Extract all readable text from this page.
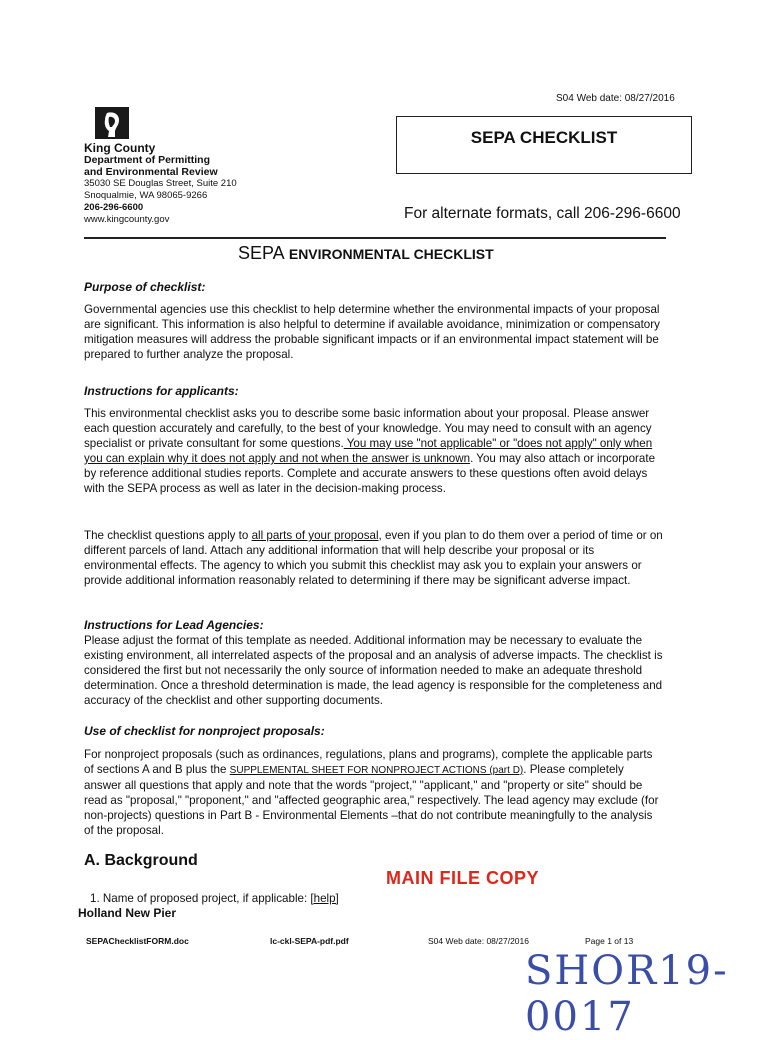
S04 Web date: 08/27/2016
King County
Department of Permitting
and Environmental Review
35030 SE Douglas Street, Suite 210
Snoqualmie, WA 98065-9266
206-296-6600
www.kingcounty.gov
SEPA CHECKLIST
For alternate formats, call 206-296-6600
SEPA ENVIRONMENTAL CHECKLIST
Purpose of checklist:
Governmental agencies use this checklist to help determine whether the environmental impacts of your proposal are significant. This information is also helpful to determine if available avoidance, minimization or compensatory mitigation measures will address the probable significant impacts or if an environmental impact statement will be prepared to further analyze the proposal.
Instructions for applicants:
This environmental checklist asks you to describe some basic information about your proposal. Please answer each question accurately and carefully, to the best of your knowledge. You may need to consult with an agency specialist or private consultant for some questions. You may use "not applicable" or "does not apply" only when you can explain why it does not apply and not when the answer is unknown. You may also attach or incorporate by reference additional studies reports. Complete and accurate answers to these questions often avoid delays with the SEPA process as well as later in the decision-making process.
The checklist questions apply to all parts of your proposal, even if you plan to do them over a period of time or on different parcels of land. Attach any additional information that will help describe your proposal or its environmental effects. The agency to which you submit this checklist may ask you to explain your answers or provide additional information reasonably related to determining if there may be significant adverse impact.
Instructions for Lead Agencies:
Please adjust the format of this template as needed. Additional information may be necessary to evaluate the existing environment, all interrelated aspects of the proposal and an analysis of adverse impacts. The checklist is considered the first but not necessarily the only source of information needed to make an adequate threshold determination. Once a threshold determination is made, the lead agency is responsible for the completeness and accuracy of the checklist and other supporting documents.
Use of checklist for nonproject proposals:
For nonproject proposals (such as ordinances, regulations, plans and programs), complete the applicable parts of sections A and B plus the SUPPLEMENTAL SHEET FOR NONPROJECT ACTIONS (part D). Please completely answer all questions that apply and note that the words "project," "applicant," and "property or site" should be read as "proposal," "proponent," and "affected geographic area," respectively. The lead agency may exclude (for non-projects) questions in Part B - Environmental Elements –that do not contribute meaningfully to the analysis of the proposal.
A. Background
MAIN FILE COPY
1. Name of proposed project, if applicable: [help]
Holland New Pier
SEPAChecklistFORM.doc	lc-ckl-SEPA-pdf.pdf	S04 Web date: 08/27/2016	Page 1 of 13
SHOR19-0017
